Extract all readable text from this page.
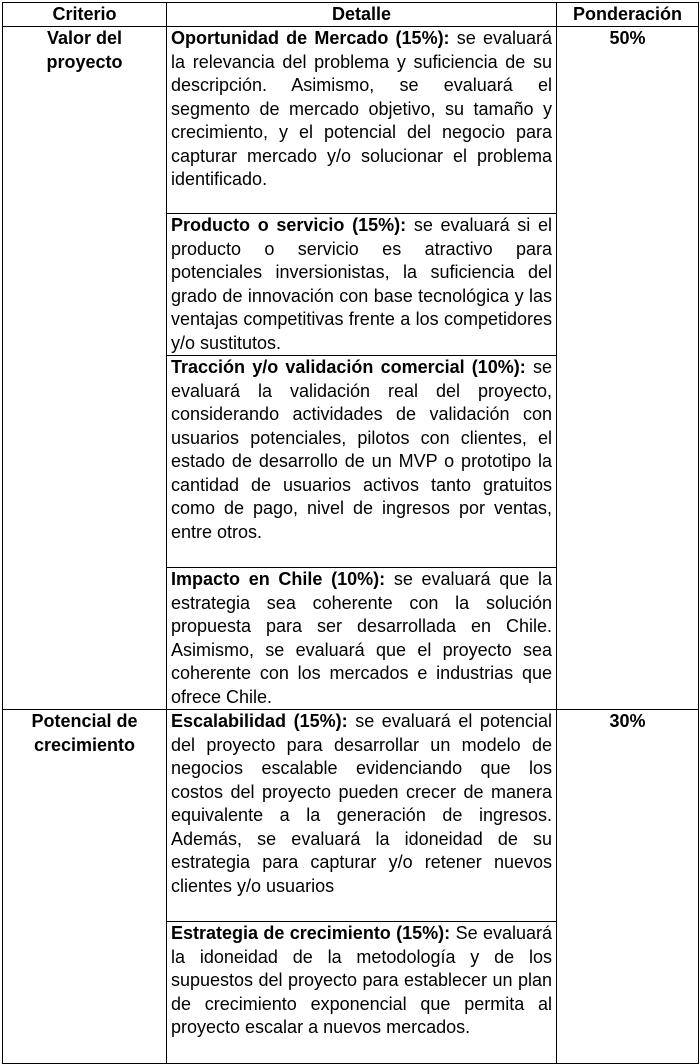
Criterio	Detalle	Ponderación
Valor del proyecto	Oportunidad de Mercado (15%): se evaluará la relevancia del problema y suficiencia de su descripción. Asimismo, se evaluará el segmento de mercado objetivo, su tamaño y crecimiento, y el potencial del negocio para capturar mercado y/o solucionar el problema identificado.	50%
	Producto o servicio (15%): se evaluará si el producto o servicio es atractivo para potenciales inversionistas, la suficiencia del grado de innovación con base tecnológica y las ventajas competitivas frente a los competidores y/o sustitutos.	
	Tracción y/o validación comercial (10%): se evaluará la validación real del proyecto, considerando actividades de validación con usuarios potenciales, pilotos con clientes, el estado de desarrollo de un MVP o prototipo la cantidad de usuarios activos tanto gratuitos como de pago, nivel de ingresos por ventas, entre otros.	
	Impacto en Chile (10%): se evaluará que la estrategia sea coherente con la solución propuesta para ser desarrollada en Chile. Asimismo, se evaluará que el proyecto sea coherente con los mercados e industrias que ofrece Chile.	
Potencial de crecimiento	Escalabilidad (15%): se evaluará el potencial del proyecto para desarrollar un modelo de negocios escalable evidenciando que los costos del proyecto pueden crecer de manera equivalente a la generación de ingresos. Además, se evaluará la idoneidad de su estrategia para capturar y/o retener nuevos clientes y/o usuarios	30%
	Estrategia de crecimiento (15%): Se evaluará la idoneidad de la metodología y de los supuestos del proyecto para establecer un plan de crecimiento exponencial que permita al proyecto escalar a nuevos mercados.	
